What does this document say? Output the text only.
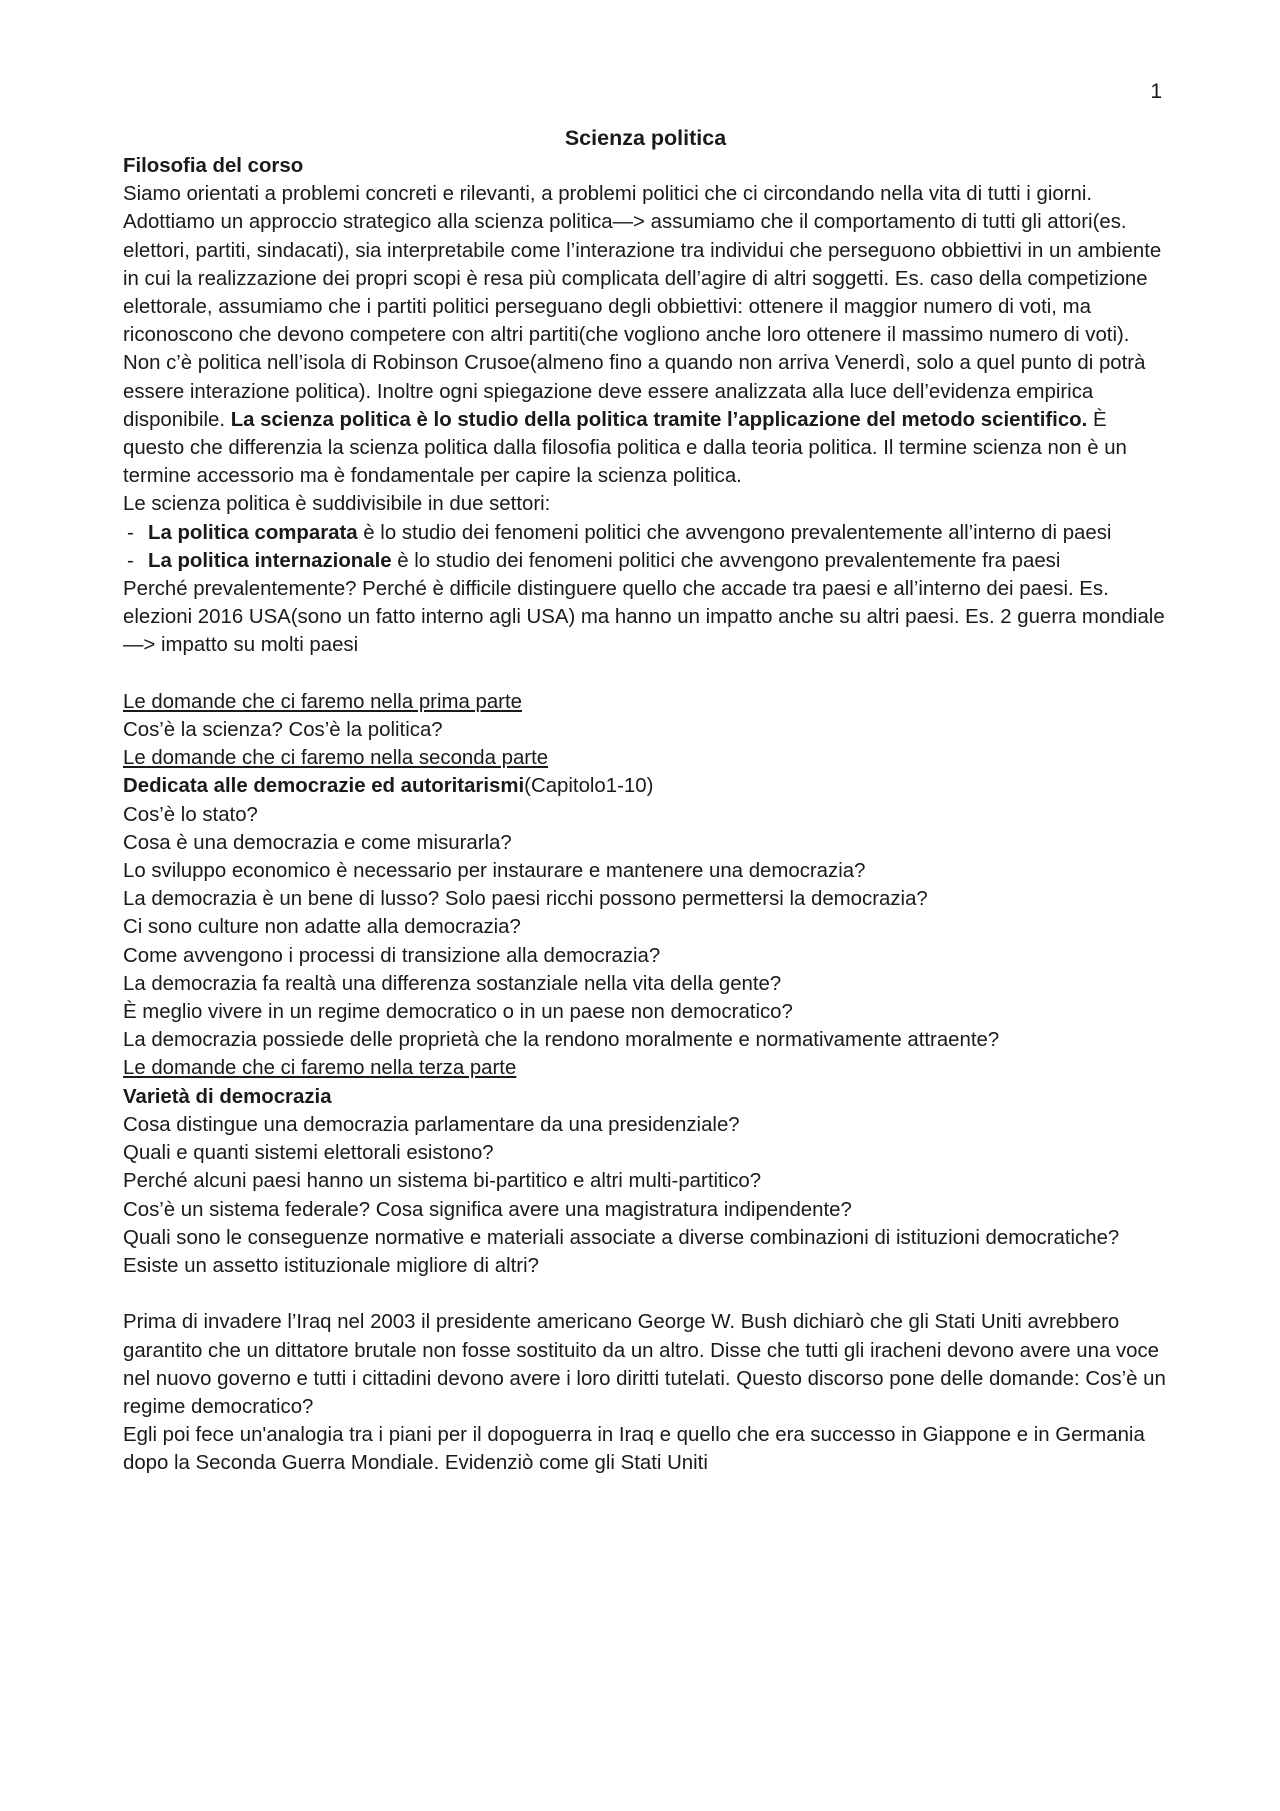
1
Scienza politica
Filosofia del corso

Siamo orientati a problemi concreti e rilevanti, a problemi politici che ci circondando nella vita di tutti i giorni. Adottiamo un approccio strategico alla scienza politica—> assumiamo che il comportamento di tutti gli attori(es. elettori, partiti, sindacati), sia interpretabile come l’interazione tra individui che perseguono obbiettivi in un ambiente in cui la realizzazione dei propri scopi è resa più complicata dell’agire di altri soggetti. Es. caso della competizione elettorale, assumiamo che i partiti politici perseguano degli obbiettivi: ottenere il maggior numero di voti, ma riconoscono che devono competere con altri partiti(che vogliono anche loro ottenere il massimo numero di voti).

Non c’è politica nell’isola di Robinson Crusoe(almeno fino a quando non arriva Venerdì, solo a quel punto di potrà essere interazione politica). Inoltre ogni spiegazione deve essere analizzata alla luce dell’evidenza empirica disponibile. La scienza politica è lo studio della politica tramite l’applicazione del metodo scientifico. È questo che differenzia la scienza politica dalla filosofia politica e dalla teoria politica. Il termine scienza non è un termine accessorio ma è fondamentale per capire la scienza politica.

Le scienza politica è suddivisibile in due settori:

- La politica comparata è lo studio dei fenomeni politici che avvengono prevalentemente all’interno di paesi
- La politica internazionale è lo studio dei fenomeni politici che avvengono prevalentemente fra paesi

Perché prevalentemente? Perché è difficile distinguere quello che accade tra paesi e all’interno dei paesi. Es. elezioni 2016 USA(sono un fatto interno agli USA) ma hanno un impatto anche su altri paesi. Es. 2 guerra mondiale—> impatto su molti paesi

Le domande che ci faremo nella prima parte
Cos’è la scienza? Cos’è la politica?
Le domande che ci faremo nella seconda parte
Dedicata alle democrazie ed autoritarismi(Capitolo1-10)
Cos’è lo stato?
Cosa è una democrazia e come misurarla?
Lo sviluppo economico è necessario per instaurare e mantenere una democrazia?
La democrazia è un bene di lusso? Solo paesi ricchi possono permettersi la democrazia?
Ci sono culture non adatte alla democrazia?
Come avvengono i processi di transizione alla democrazia?
La democrazia fa realtà una differenza sostanziale nella vita della gente?
È meglio vivere in un regime democratico o in un paese non democratico?
La democrazia possiede delle proprietà che la rendono moralmente e normativamente attraente?
Le domande che ci faremo nella terza parte
Varietà di democrazia
Cosa distingue una democrazia parlamentare da una presidenziale?
Quali e quanti sistemi elettorali esistono?
Perché alcuni paesi hanno un sistema bi-partitico e altri multi-partitico?
Cos’è un sistema federale? Cosa significa avere una magistratura indipendente?
Quali sono le conseguenze normative e materiali associate a diverse combinazioni di istituzioni democratiche?
Esiste un assetto istituzionale migliore di altri?

Prima di invadere l’Iraq nel 2003 il presidente americano George W. Bush dichiarò che gli Stati Uniti avrebbero garantito che un dittatore brutale non fosse sostituito da un altro. Disse che tutti gli iracheni devono avere una voce nel nuovo governo e tutti i cittadini devono avere i loro diritti tutelati. Questo discorso pone delle domande: Cos’è un regime democratico?

Egli poi fece un'analogia tra i piani per il dopoguerra in Iraq e quello che era successo in Giappone e in Germania dopo la Seconda Guerra Mondiale. Evidenziò come gli Stati Uniti
